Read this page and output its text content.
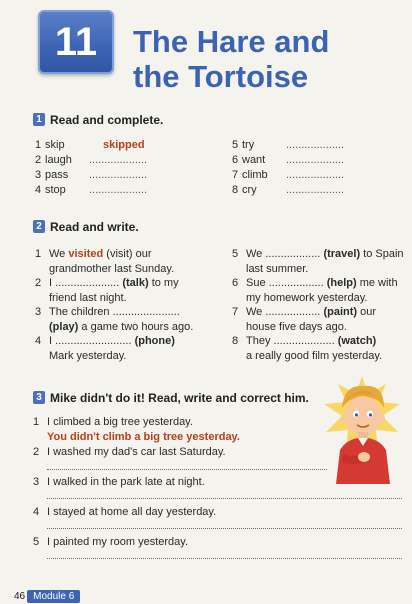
11	The Hare and
the Tortoise
1 Read and complete.
1 skip	skipped
2 laugh ...................
3 pass ...................
4 stop ...................
5 try	...................
6 want ...................
7 climb ...................
8 cry	...................
2 Read and write.
1 We visited (visit) our grandmother last Sunday.
2 I ..................... (talk) to my friend last night.
3 The children ...................... (play) a game two hours ago.
4 I ......................... (phone)
Mark yesterday.
5 We .................. (travel) to Spain last summer.
6 Sue .................. (help) me with my homework yesterday.
7 We .................. (paint) our house five days ago.
8 They .................... (watch)
a really good film yesterday.
3 Mike didn't do it! Read, write and correct him.
1 I climbed a big tree yesterday.
You didn't climb a big tree yesterday.
2 I washed my dad's car last Saturday.
3 I walked in the park late at night.
4 I stayed at home all day yesterday.
5 I painted my room yesterday.
46 Module 6
